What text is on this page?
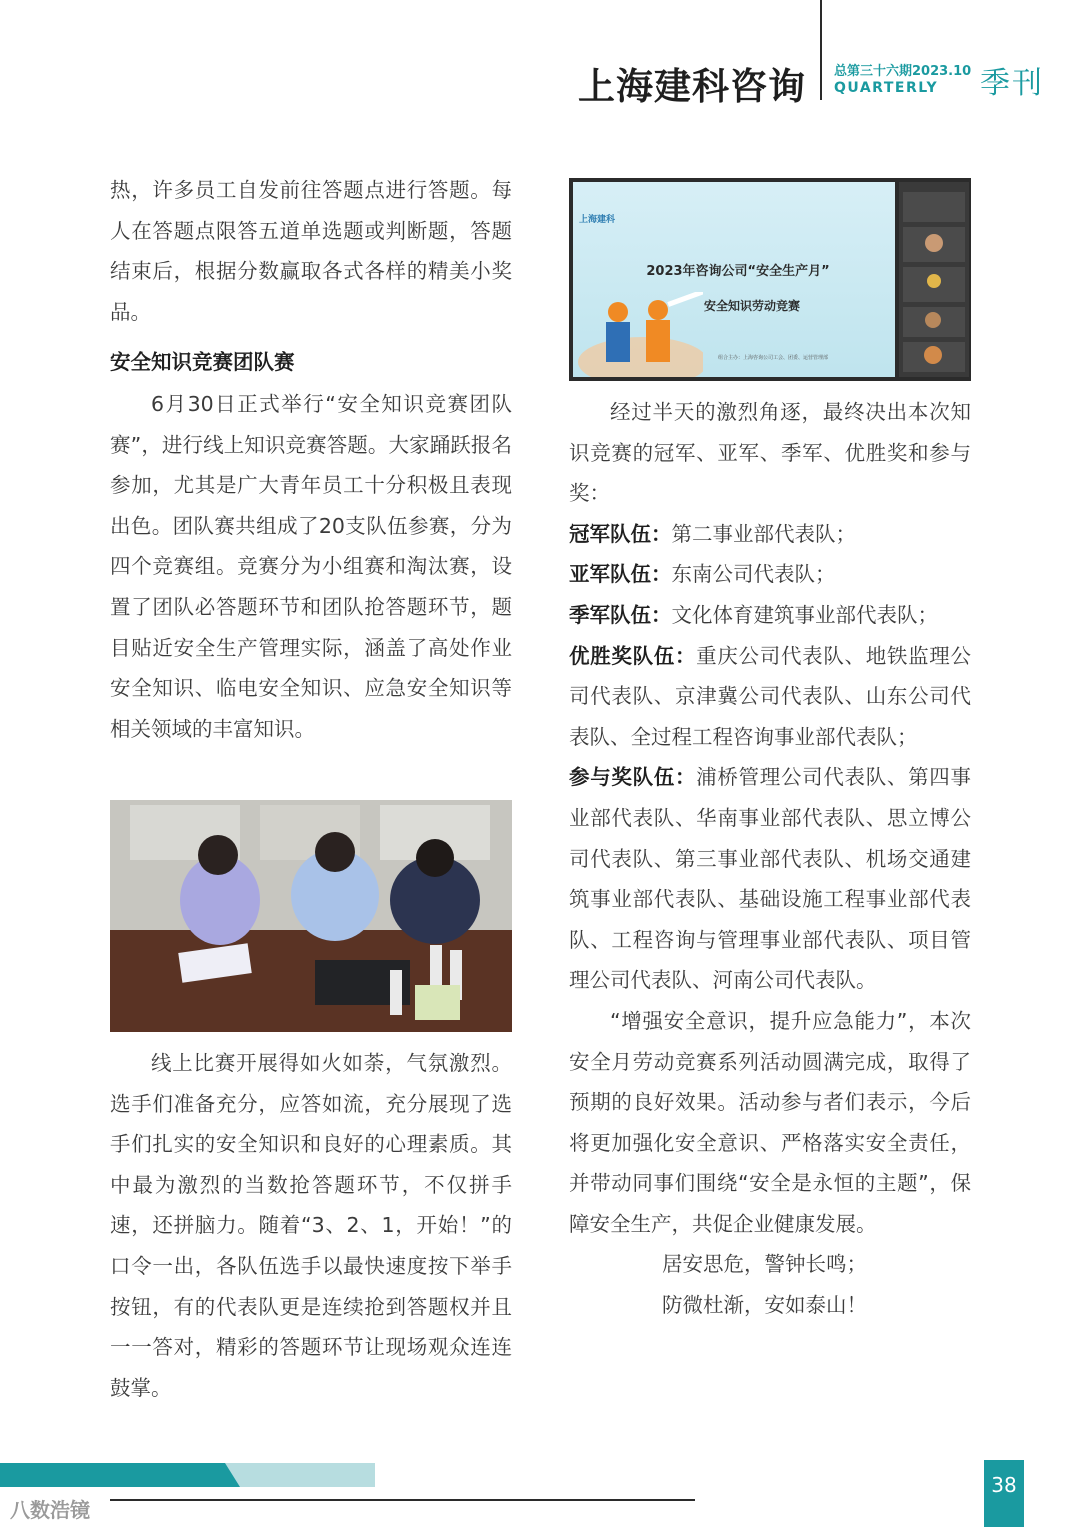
上海建科咨询 总第三十六期2023.10
QUARTERLY 季刊
热，许多员工自发前往答题点进行答题。每人在答题点限答五道单选题或判断题，答题结束后，根据分数赢取各式各样的精美小奖品。
安全知识竞赛团队赛
6月30日正式举行“安全知识竞赛团队赛”，进行线上知识竞赛答题。大家踊跃报名参加，尤其是广大青年员工十分积极且表现出色。团队赛共组成了20支队伍参赛，分为四个竞赛组。竞赛分为小组赛和淘汰赛，设置了团队必答题环节和团队抢答题环节，题目贴近安全生产管理实际，涵盖了高处作业安全知识、临电安全知识、应急安全知识等相关领域的丰富知识。
线上比赛开展得如火如荼，气氛激烈。选手们准备充分，应答如流，充分展现了选手们扎实的安全知识和良好的心理素质。其中最为激烈的当数抢答题环节，不仅拼手速，还拼脑力。随着“3、2、1，开始！”的口令一出，各队伍选手以最快速度按下举手按钮，有的代表队更是连续抢到答题权并且一一答对，精彩的答题环节让现场观众连连鼓掌。
上海建科
2023年咨询公司“安全生产月”
安全知识劳动竞赛
组合主办：上海咨询公司工会、团委、运营管理部
经过半天的激烈角逐，最终决出本次知识竞赛的冠军、亚军、季军、优胜奖和参与奖：
冠军队伍：第二事业部代表队；
亚军队伍：东南公司代表队；
季军队伍：文化体育建筑事业部代表队；
优胜奖队伍：重庆公司代表队、地铁监理公司代表队、京津冀公司代表队、山东公司代表队、全过程工程咨询事业部代表队；
参与奖队伍：浦桥管理公司代表队、第四事业部代表队、华南事业部代表队、思立博公司代表队、第三事业部代表队、机场交通建筑事业部代表队、基础设施工程事业部代表队、工程咨询与管理事业部代表队、项目管理公司代表队、河南公司代表队。
“增强安全意识，提升应急能力”，本次安全月劳动竞赛系列活动圆满完成，取得了预期的良好效果。活动参与者们表示，今后将更加强化安全意识、严格落实安全责任，并带动同事们围绕“安全是永恒的主题”，保障安全生产，共促企业健康发展。
居安思危，警钟长鸣；
防微杜渐，安如泰山！
38
八数浩镜
